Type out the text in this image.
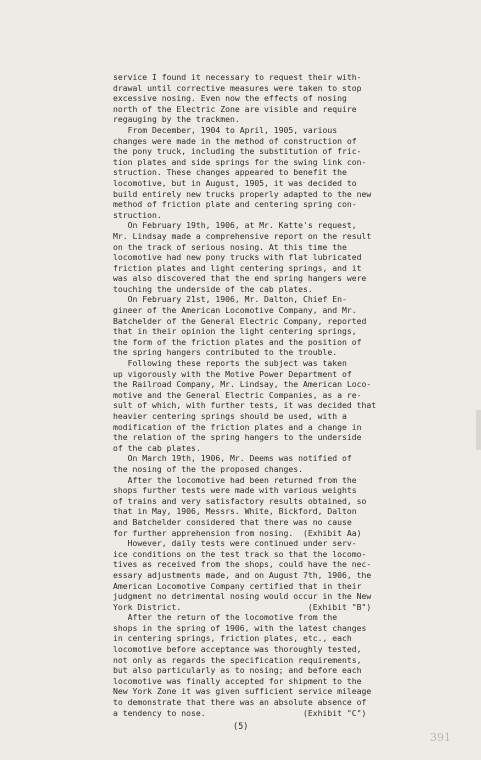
service I found it necessary to request their with-
drawal until corrective measures were taken to stop
excessive nosing. Even now the effects of nosing
north of the Electric Zone are visible and require
regauging by the trackmen.
From December, 1904 to April, 1905, various
changes were made in the method of construction of
the pony truck, including the substitution of fric-
tion plates and side springs for the swing link con-
struction. These changes appeared to benefit the
locomotive, but in August, 1905, it was decided to
build entirely new trucks properly adapted to the new
method of friction plate and centering spring con-
struction.
On February 19th, 1906, at Mr. Katte's request,
Mr. Lindsay made a comprehensive report on the result
on the track of serious nosing. At this time the
locomotive had new pony trucks with flat lubricated
friction plates and light centering springs, and it
was also discovered that the end spring hangers were
touching the underside of the cab plates.
On February 21st, 1906, Mr. Dalton, Chief En-
gineer of the American Locomotive Company, and Mr.
Batchelder of the General Electric Company, reported
that in their opinion the light centering springs,
the form of the friction plates and the position of
the spring hangers contributed to the trouble.
Following these reports the subject was taken
up vigorously with the Motive Power Department of
the Railroad Company, Mr. Lindsay, the American Loco-
motive and the General Electric Companies, as a re-
sult of which, with further tests, it was decided that
heavier centering springs should be used, with a
modification of the friction plates and a change in
the relation of the spring hangers to the underside
of the cab plates.
On March 19th, 1906, Mr. Deems was notified of
the nosing of the the proposed changes.
After the locomotive had been returned from the
shops further tests were made with various weights
of trains and very satisfactory results obtained, so
that in May, 1906, Messrs. White, Bickford, Dalton
and Batchelder considered that there was no cause
for further apprehension from nosing.  (Exhibit Aa)
However, daily tests were continued under serv-
ice conditions on the test track so that the locomo-
tives as received from the shops, could have the nec-
essary adjustments made, and on August 7th, 1906, the
American Locomotive Company certified that in their
judgment no detrimental nosing would occur in the New
York District.                          (Exhibit "B")
After the return of the locomotive from the
shops in the spring of 1906, with the latest changes
in centering springs, friction plates, etc., each
locomotive before acceptance was thoroughly tested,
not only as regards the specification requirements,
but also particularly as to nosing; and before each
locomotive was finally accepted for shipment to the
New York Zone it was given sufficient service mileage
to demonstrate that there was an absolute absence of
a tendency to nose.                    (Exhibit "C")
(5)
391
